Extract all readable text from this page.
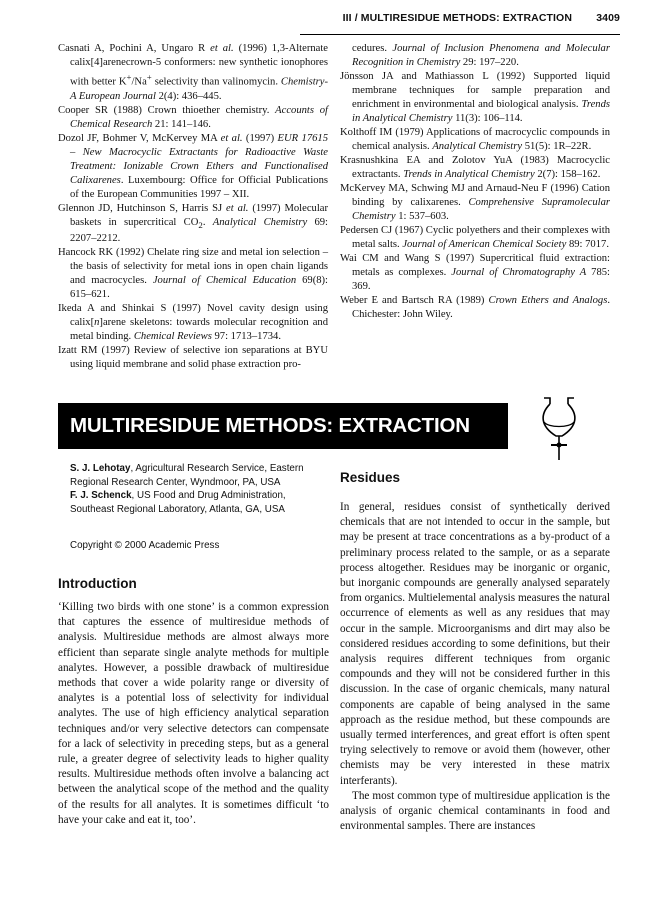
III / MULTIRESIDUE METHODS: EXTRACTION 3409

Casnati A, Pochini A, Ungaro R et al. (1996) 1,3-Alternate calix[4]arenecrown-5 conformers: new synthetic ionophores with better K+/Na+ selectivity than valinomycin. Chemistry-A European Journal 2(4): 436–445.

Cooper SR (1988) Crown thioether chemistry. Accounts of Chemical Research 21: 141–146.

Dozol JF, Bohmer V, McKervey MA et al. (1997) EUR 17615 – New Macrocyclic Extractants for Radioactive Waste Treatment: Ionizable Crown Ethers and Functionalised Calixarenes. Luxembourg: Office for Official Publications of the European Communities 1997 – XII.

Glennon JD, Hutchinson S, Harris SJ et al. (1997) Molecular baskets in supercritical $CO_2$. Analytical Chemistry 69: 2207–2212.

Hancock RK (1992) Chelate ring size and metal ion selection – the basis of selectivity for metal ions in open chain ligands and macrocycles. Journal of Chemical Education 69(8): 615–621.

Ikeda A and Shinkai S (1997) Novel cavity design using calix[n]arene skeletons: towards molecular recognition and metal binding. Chemical Reviews 97: 1713–1734.

Izatt RM (1997) Review of selective ion separations at BYU using liquid membrane and solid phase extraction pro-

cedures. Journal of Inclusion Phenomena and Molecular Recognition in Chemistry 29: 197–220.

Jönsson JA and Mathiasson L (1992) Supported liquid membrane techniques for sample preparation and enrichment in environmental and biological analysis. Trends in Analytical Chemistry 11(3): 106–114.

Kolthoff IM (1979) Applications of macrocyclic compounds in chemical analysis. Analytical Chemistry 51(5): 1R–22R.

Krasnushkina EA and Zolotov YuA (1983) Macrocyclic extractants. Trends in Analytical Chemistry 2(7): 158–162.

McKervey MA, Schwing MJ and Arnaud-Neu F (1996) Cation binding by calixarenes. Comprehensive Supramolecular Chemistry 1: 537–603.

Pedersen CJ (1967) Cyclic polyethers and their complexes with metal salts. Journal of American Chemical Society 89: 7017.

Wai CM and Wang S (1997) Supercritical fluid extraction: metals as complexes. Journal of Chromatography A 785: 369.

Weber E and Bartsch RA (1989) Crown Ethers and Analogs. Chichester: John Wiley.

MULTIRESIDUE METHODS: EXTRACTION

S. J. Lehotay, Agricultural Research Service, Eastern Regional Research Center, Wyndmoor, PA, USA

F. J. Schenck, US Food and Drug Administration, Southeast Regional Laboratory, Atlanta, GA, USA

Copyright © 2000 Academic Press
Introduction

‘Killing two birds with one stone’ is a common expression that captures the essence of multiresidue methods of analysis. Multiresidue methods are almost always more efficient than separate single analyte methods for multiple analytes. However, a possible drawback of multiresidue methods that cover a wide polarity range or diversity of analytes is a potential loss of selectivity for individual analytes. The use of high efficiency analytical separation techniques and/or very selective detectors can compensate for a lack of selectivity in preceding steps, but as a general rule, a greater degree of selectivity leads to higher quality results. Multiresidue methods often involve a balancing act between the analytical scope of the method and the quality of the results for all analytes. It is sometimes difficult ‘to have your cake and eat it, too’.

Residues

In general, residues consist of synthetically derived chemicals that are not intended to occur in the sample, but may be present at trace concentrations as a by-product of a preliminary process related to the sample, or as a separate process altogether. Residues may be inorganic or organic, but inorganic compounds are generally analysed separately from organics. Multielemental analysis measures the natural occurrence of elements as well as any residues that may occur in the sample. Microorganisms and dirt may also be considered residues according to some definitions, but their analysis requires different techniques from organic compounds and they will not be considered further in this discussion. In the case of organic chemicals, many natural components are capable of being analysed in the same approach as the residue method, but these compounds are usually termed interferences, and great effort is often spent trying selectively to remove or avoid them (however, other chemists may be very interested in these matrix interferants).

The most common type of multiresidue application is the analysis of organic chemical contaminants in food and environmental samples. There are instances
